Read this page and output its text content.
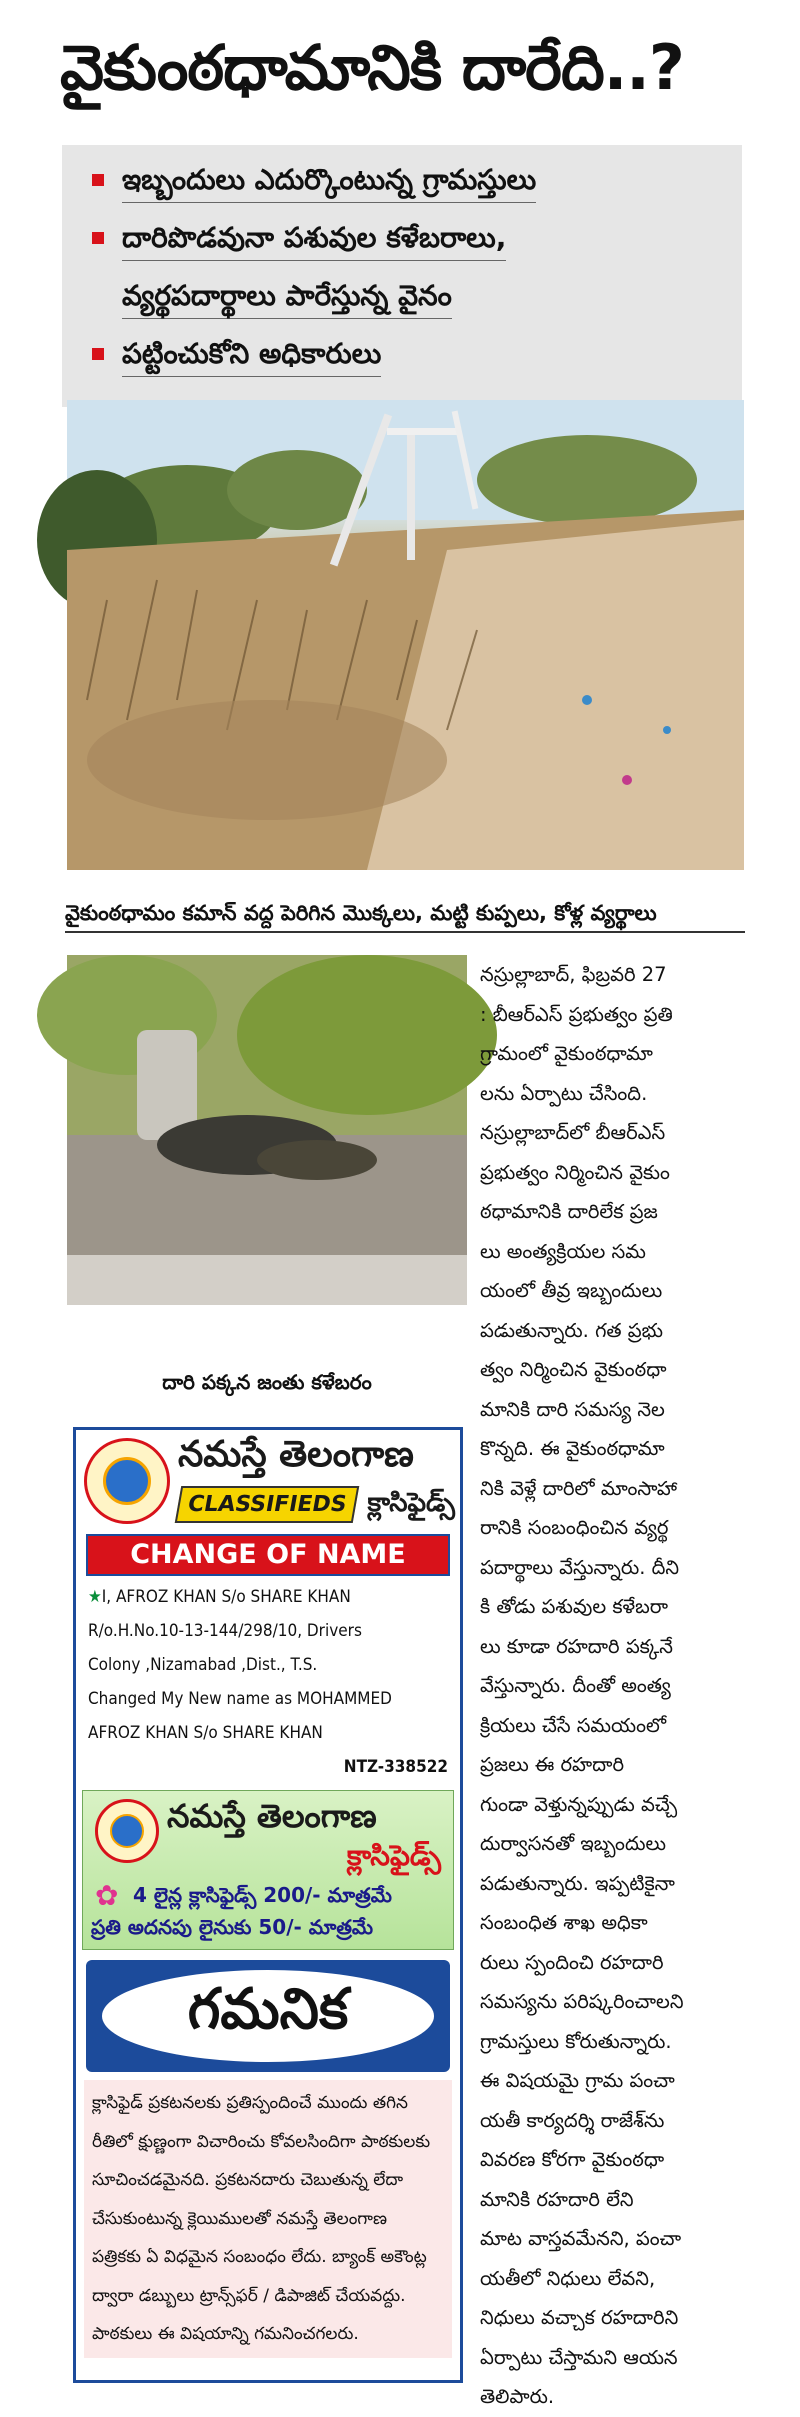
వైకుంఠధామానికి దారేది..?
ఇబ్బందులు ఎదుర్కొంటున్న గ్రామస్తులు
దారిపొడవునా పశువుల కళేబరాలు,
వ్యర్థపదార్థాలు పారేస్తున్న వైనం
పట్టించుకోని అధికారులు
వైకుంఠధామం కమాన్ వద్ద పెరిగిన మొక్కలు, మట్టి కుప్పలు, కోళ్ల వ్యర్థాలు
దారి పక్కన జంతు కళేబరం

నస్రుల్లాబాద్, ఫిబ్రవరి 27

: బీఆర్ఎస్ ప్రభుత్వం ప్రతి

గ్రామంలో వైకుంఠధామా

లను ఏర్పాటు చేసింది.

నస్రుల్లాబాద్‌లో బీఆర్ఎస్

ప్రభుత్వం నిర్మించిన వైకుం

ఠధామానికి దారిలేక ప్రజ

లు అంత్యక్రియల సమ

యంలో తీవ్ర ఇబ్బందులు

పడుతున్నారు. గత ప్రభు

త్వం నిర్మించిన వైకుంఠధా

మానికి దారి సమస్య నెల

కొన్నది. ఈ వైకుంఠధామా

నికి వెళ్లే దారిలో మాంసాహా

రానికి సంబంధించిన వ్యర్థ

పదార్థాలు వేస్తున్నారు. దీని

కి తోడు పశువుల కళేబరా

లు కూడా రహదారి పక్కనే

వేస్తున్నారు. దీంతో అంత్య

క్రియలు చేసే సమయంలో

ప్రజలు ఈ రహదారి

గుండా వెళ్తున్నప్పుడు వచ్చే

దుర్వాసనతో ఇబ్బందులు

పడుతున్నారు. ఇప్పటికైనా

సంబంధిత శాఖ అధికా

రులు స్పందించి రహదారి

సమస్యను పరిష్కరించాలని

గ్రామస్తులు కోరుతున్నారు.

ఈ విషయమై గ్రామ పంచా

యతీ కార్యదర్శి రాజేశ్‌ను

వివరణ కోరగా వైకుంఠధా

మానికి రహదారి లేని

మాట వాస్తవమేనని, పంచా

యతీలో నిధులు లేవని,

నిధులు వచ్చాక రహదారిని

ఏర్పాటు చేస్తామని ఆయన

తెలిపారు.

నమస్తే తెలంగాణ
CLASSIFIEDS క్లాసిఫైడ్స్
CHANGE OF NAME

★I, AFROZ KHAN S/o SHARE KHAN

R/o.H.No.10-13-144/298/10, Drivers

Colony ,Nizamabad ,Dist., T.S.

Changed My New name as MOHAMMED

AFROZ KHAN S/o SHARE KHAN

NTZ-338522

నమస్తే తెలంగాణ
క్లాసిఫైడ్స్
✿ 4 లైన్ల క్లాసిఫైడ్స్ 200/- మాత్రమే
ప్రతి అదనపు లైనుకు 50/- మాత్రమే
గమనిక

క్లాసిఫైడ్ ప్రకటనలకు ప్రతిస్పందించే ముందు తగిన

రీతిలో క్షుణ్ణంగా విచారించు కోవలసిందిగా పాఠకులకు

సూచించడమైనది. ప్రకటనదారు చెబుతున్న లేదా

చేసుకుంటున్న క్లెయిములతో నమస్తే తెలంగాణ

పత్రికకు ఏ విధమైన సంబంధం లేదు. బ్యాంక్ అకౌంట్ల

ద్వారా డబ్బులు ట్రాన్స్‌ఫర్ / డిపాజిట్ చేయవద్దు.

పాఠకులు ఈ విషయాన్ని గమనించగలరు.
